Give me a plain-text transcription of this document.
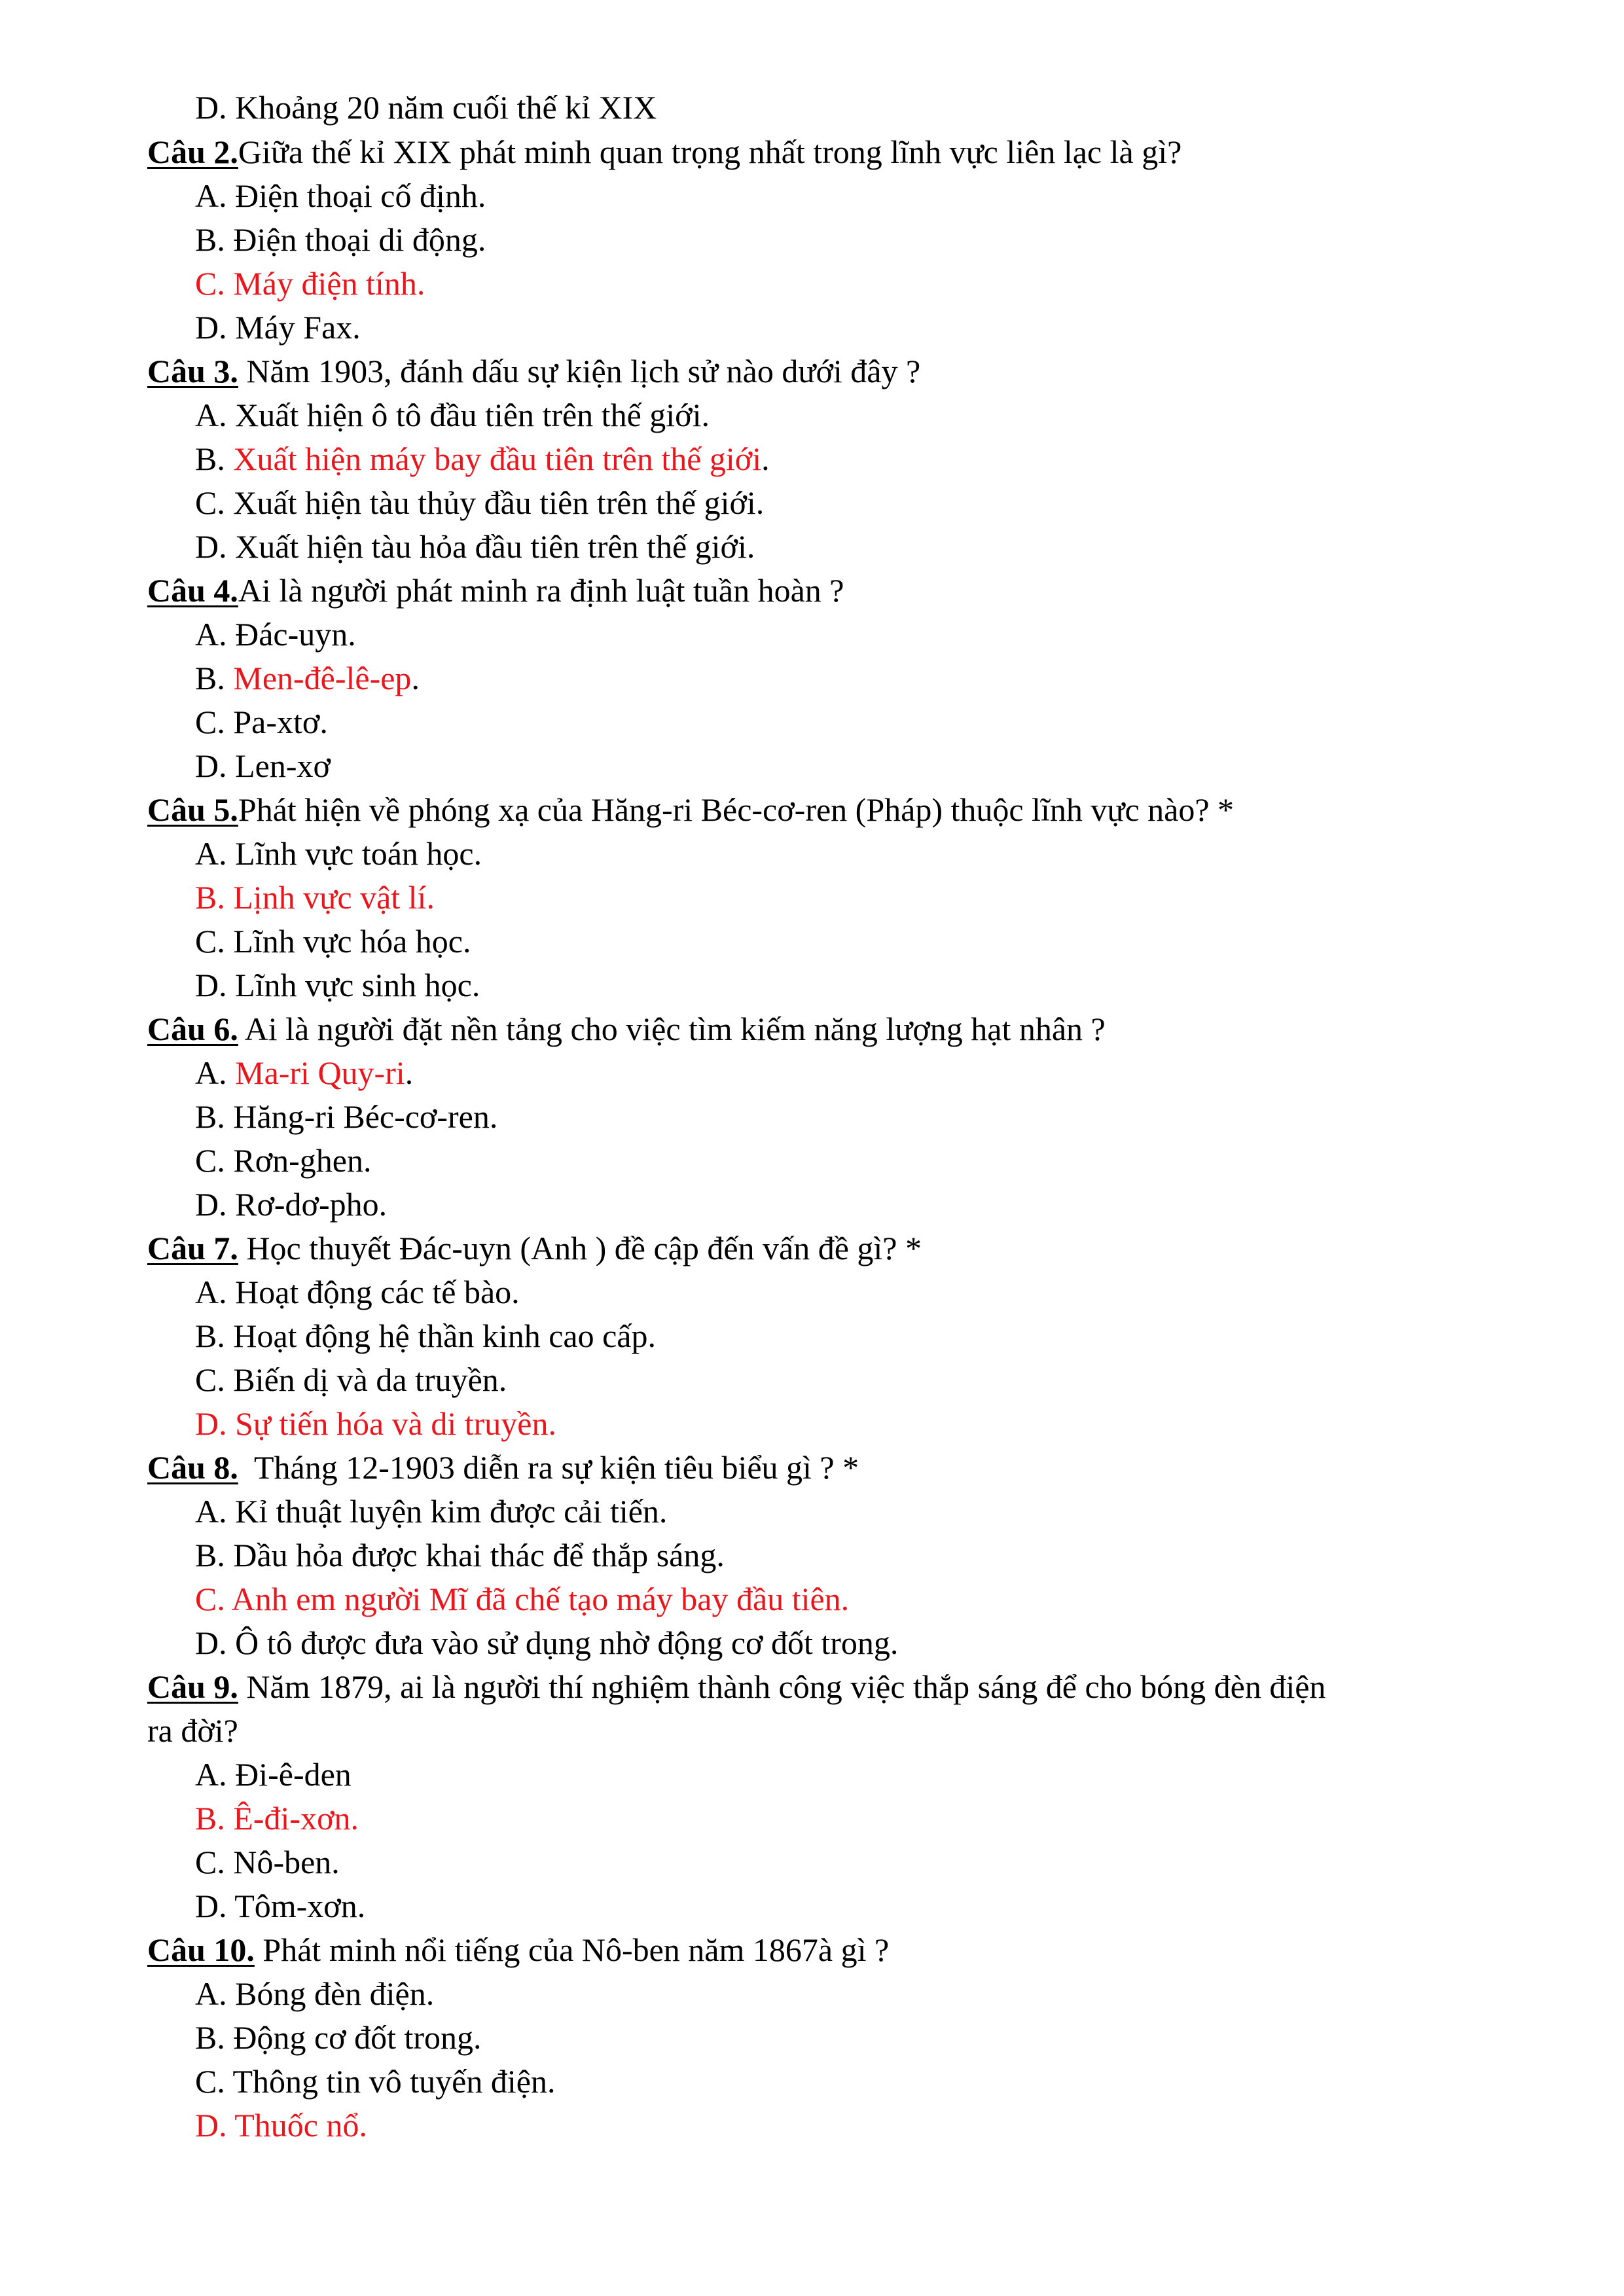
D. Khoảng 20 năm cuối thế kỉ XIX
Câu 2.Giữa thế kỉ XIX phát minh quan trọng nhất trong lĩnh vực liên lạc là gì?
A. Điện thoại cố định.
B. Điện thoại di động.
C. Máy điện tính.
D. Máy Fax.
Câu 3. Năm 1903, đánh dấu sự kiện lịch sử nào dưới đây ?
A. Xuất hiện ô tô đầu tiên trên thế giới.
B. Xuất hiện máy bay đầu tiên trên thế giới.
C. Xuất hiện tàu thủy đầu tiên trên thế giới.
D. Xuất hiện tàu hỏa đầu tiên trên thế giới.
Câu 4.Ai là người phát minh ra định luật tuần hoàn ?
A. Đác-uyn.
B. Men-đê-lê-ep.
C. Pa-xtơ.
D. Len-xơ
Câu 5.Phát hiện về phóng xạ của Hăng-ri Béc-cơ-ren (Pháp) thuộc lĩnh vực nào? *
A. Lĩnh vực toán học.
B. Lịnh vực vật lí.
C. Lĩnh vực hóa học.
D. Lĩnh vực sinh học.
Câu 6. Ai là người đặt nền tảng cho việc tìm kiếm năng lượng hạt nhân ?
A. Ma-ri Quy-ri.
B. Hăng-ri Béc-cơ-ren.
C. Rơn-ghen.
D. Rơ-dơ-pho.
Câu 7. Học thuyết Đác-uyn (Anh ) đề cập đến vấn đề gì? *
A. Hoạt động các tế bào.
B. Hoạt động hệ thần kinh cao cấp.
C. Biến dị và da truyền.
D. Sự tiến hóa và di truyền.
Câu 8.  Tháng 12-1903 diễn ra sự kiện tiêu biểu gì ? *
A. Kỉ thuật luyện kim được cải tiến.
B. Dầu hỏa được khai thác để thắp sáng.
C. Anh em người Mĩ đã chế tạo máy bay đầu tiên.
D. Ô tô được đưa vào sử dụng nhờ động cơ đốt trong.
Câu 9. Năm 1879, ai là người thí nghiệm thành công việc thắp sáng để cho bóng đèn điện
ra đời?
A. Đi-ê-den
B. Ê-đi-xơn.
C. Nô-ben.
D. Tôm-xơn.
Câu 10. Phát minh nổi tiếng của Nô-ben năm 1867à gì ?
A. Bóng đèn điện.
B. Động cơ đốt trong.
C. Thông tin vô tuyến điện.
D. Thuốc nổ.
